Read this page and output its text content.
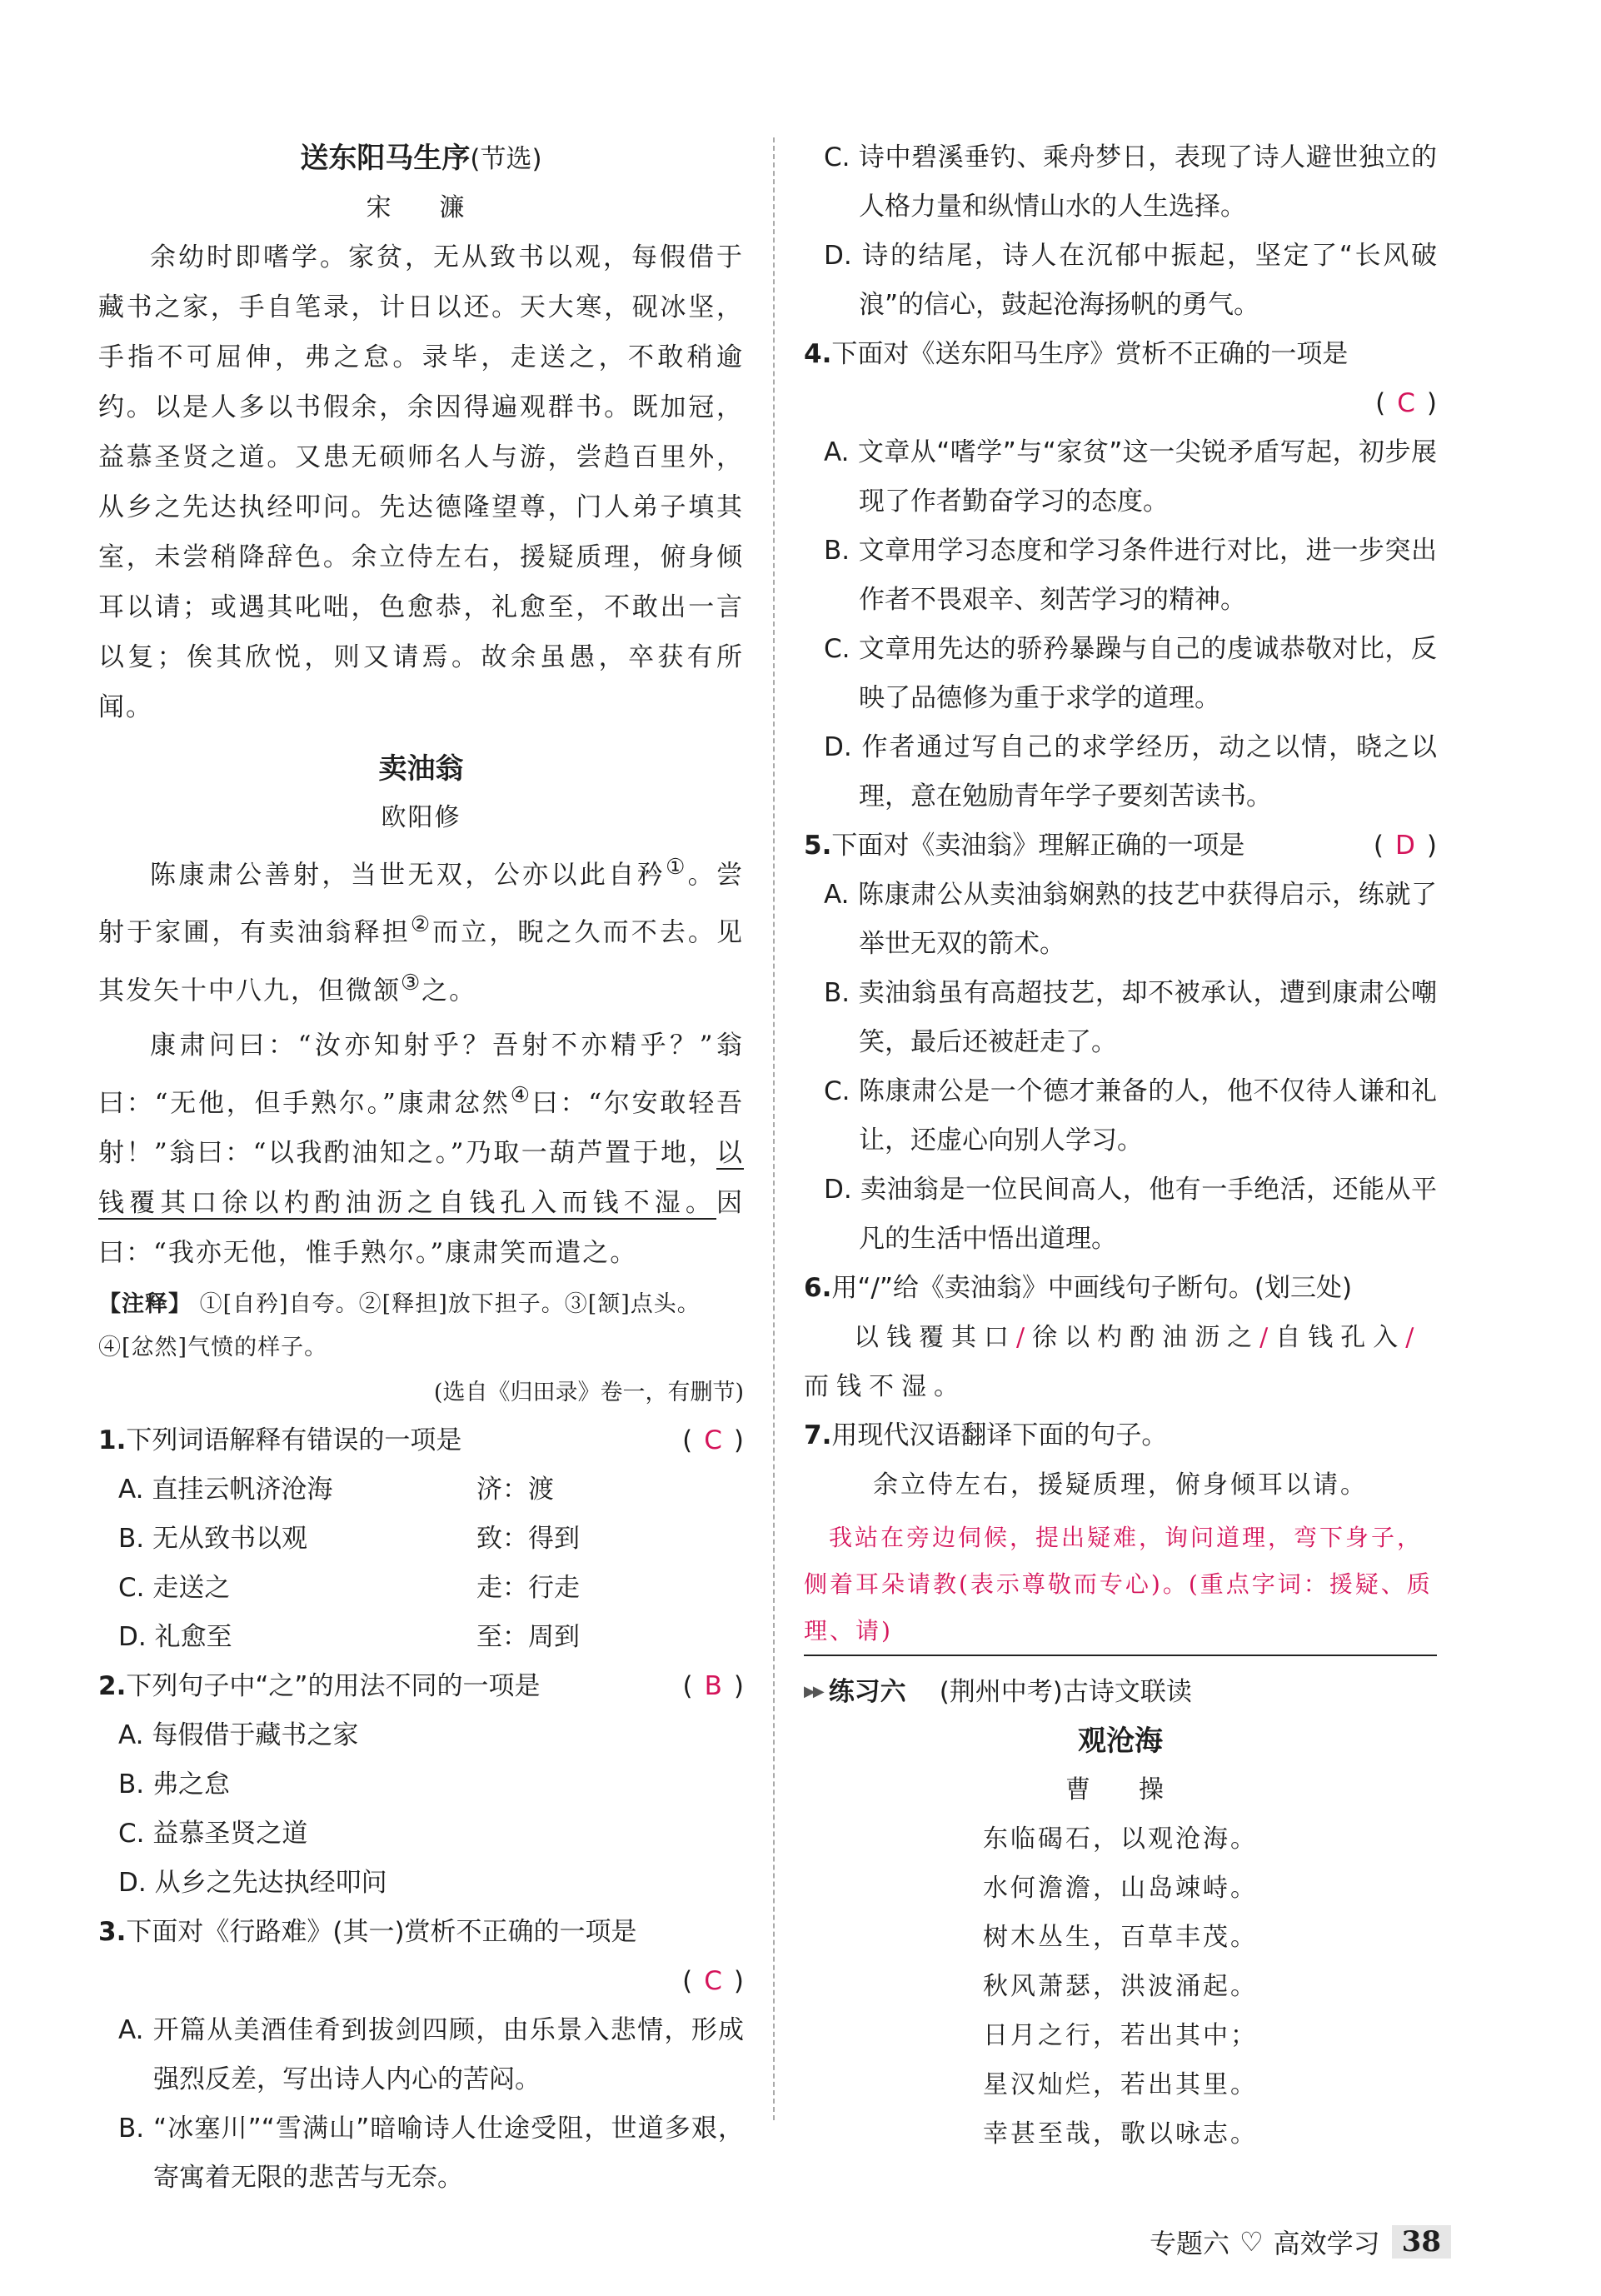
送东阳马生序(节选)

宋　濂

余幼时即嗜学。家贫，无从致书以观，每假借于藏书之家，手自笔录，计日以还。天大寒，砚冰坚，手指不可屈伸，弗之怠。录毕，走送之，不敢稍逾约。以是人多以书假余，余因得遍观群书。既加冠，益慕圣贤之道。又患无硕师名人与游，尝趋百里外，从乡之先达执经叩问。先达德隆望尊，门人弟子填其室，未尝稍降辞色。余立侍左右，援疑质理，俯身倾耳以请；或遇其叱咄，色愈恭，礼愈至，不敢出一言以复；俟其欣悦，则又请焉。故余虽愚，卒获有所闻。

卖油翁

欧阳修

陈康肃公善射，当世无双，公亦以此自矜①。尝射于家圃，有卖油翁释担②而立，睨之久而不去。见其发矢十中八九，但微颔③之。

康肃问曰：“汝亦知射乎？吾射不亦精乎？”翁曰：“无他，但手熟尔。”康肃忿然④曰：“尔安敢轻吾射！”翁曰：“以我酌油知之。”乃取一葫芦置于地，以钱覆其口徐以杓酌油沥之自钱孔入而钱不湿。因曰：“我亦无他，惟手熟尔。”康肃笑而遣之。

【注释】 ①[自矜]自夸。②[释担]放下担子。③[颔]点头。④[忿然]气愤的样子。

(选自《归田录》卷一，有删节)

1.下列词语解释有错误的一项是	( C )

A. 直挂云帆济沧海	济：渡

B. 无从致书以观	致：得到

C. 走送之	走：行走

D. 礼愈至	至：周到

2.下列句子中“之”的用法不同的一项是	( B )

A. 每假借于藏书之家

B. 弗之怠

C. 益慕圣贤之道

D. 从乡之先达执经叩问

3.下面对《行路难》(其一)赏析不正确的一项是

( C )

A. 开篇从美酒佳肴到拔剑四顾，由乐景入悲情，形成强烈反差，写出诗人内心的苦闷。

B. “冰塞川”“雪满山”暗喻诗人仕途受阻，世道多艰，寄寓着无限的悲苦与无奈。

C. 诗中碧溪垂钓、乘舟梦日，表现了诗人避世独立的人格力量和纵情山水的人生选择。

D. 诗的结尾，诗人在沉郁中振起，坚定了“长风破浪”的信心，鼓起沧海扬帆的勇气。

4.下面对《送东阳马生序》赏析不正确的一项是

( C )

A. 文章从“嗜学”与“家贫”这一尖锐矛盾写起，初步展现了作者勤奋学习的态度。

B. 文章用学习态度和学习条件进行对比，进一步突出作者不畏艰辛、刻苦学习的精神。

C. 文章用先达的骄矜暴躁与自己的虔诚恭敬对比，反映了品德修为重于求学的道理。

D. 作者通过写自己的求学经历，动之以情，晓之以理，意在勉励青年学子要刻苦读书。

5.下面对《卖油翁》理解正确的一项是	( D )

A. 陈康肃公从卖油翁娴熟的技艺中获得启示，练就了举世无双的箭术。

B. 卖油翁虽有高超技艺，却不被承认，遭到康肃公嘲笑，最后还被赶走了。

C. 陈康肃公是一个德才兼备的人，他不仅待人谦和礼让，还虚心向别人学习。

D. 卖油翁是一位民间高人，他有一手绝活，还能从平凡的生活中悟出道理。

6.用“/”给《卖油翁》中画线句子断句。(划三处)

以钱覆其口/徐以杓酌油沥之/自钱孔入/而钱不湿。

7.用现代汉语翻译下面的句子。

余立侍左右，援疑质理，俯身倾耳以请。

我站在旁边伺候，提出疑难，询问道理，弯下身子，侧着耳朵请教(表示尊敬而专心)。(重点字词：援疑、质理、请)

▶▶ 练习六 (荆州中考) 古诗文联读

观沧海

曹　操

东临碣石，以观沧海。

水何澹澹，山岛竦峙。

树木丛生，百草丰茂。

秋风萧瑟，洪波涌起。

日月之行，若出其中；

星汉灿烂，若出其里。

幸甚至哉，歌以咏志。

专题六 ♡ 高效学习 38
